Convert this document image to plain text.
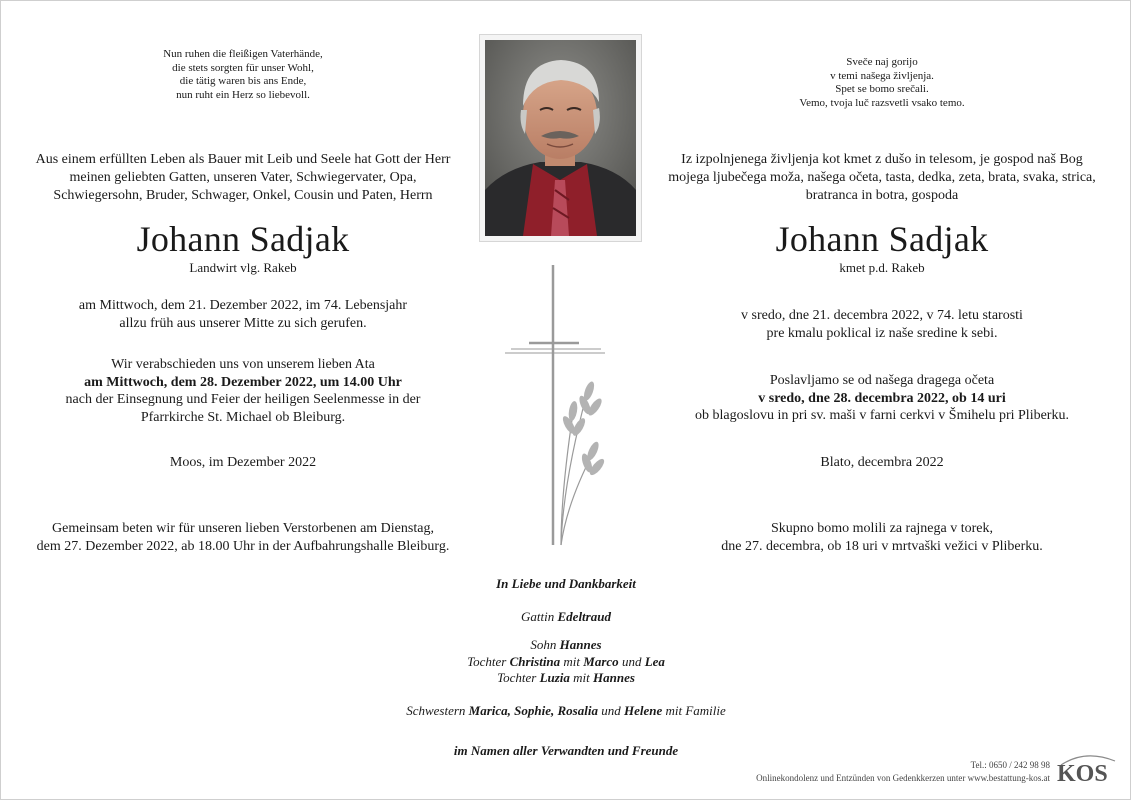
Nun ruhen die fleißigen Vaterhände,
die stets sorgten für unser Wohl,
die tätig waren bis ans Ende,
nun ruht ein Herz so liebevoll.
Aus einem erfüllten Leben als Bauer mit Leib und Seele hat Gott der Herr
meinen geliebten Gatten, unseren Vater, Schwiegervater, Opa,
Schwiegersohn, Bruder, Schwager, Onkel, Cousin und Paten, Herrn
Johann Sadjak
Landwirt vlg. Rakeb
am Mittwoch, dem 21. Dezember 2022, im 74. Lebensjahr
allzu früh aus unserer Mitte zu sich gerufen.
Wir verabschieden uns von unserem lieben Ata
am Mittwoch, dem 28. Dezember 2022, um 14.00 Uhr
nach der Einsegnung und Feier der heiligen Seelenmesse in der
Pfarrkirche St. Michael ob Bleiburg.
Moos, im Dezember 2022
Gemeinsam beten wir für unseren lieben Verstorbenen am Dienstag,
dem 27. Dezember 2022, ab 18.00 Uhr in der Aufbahrungshalle Bleiburg.
Sveče naj gorijo
v temi našega življenja.
Spet se bomo srečali.
Vemo, tvoja luč razsvetli vsako temo.
Iz izpolnjenega življenja kot kmet z dušo in telesom, je gospod naš Bog
mojega ljubečega moža, našega očeta, tasta, dedka, zeta, brata, svaka, strica,
bratranca in botra, gospoda
Johann Sadjak
kmet p.d. Rakeb
v sredo, dne 21. decembra 2022, v 74. letu starosti
pre kmalu poklical iz naše sredine k sebi.
Poslavljamo se od našega dragega očeta
v sredo, dne 28. decembra 2022, ob 14 uri
ob blagoslovu in pri sv. maši v farni cerkvi v Šmihelu pri Pliberku.
Blato, decembra 2022
Skupno bomo molili za rajnega v torek,
dne 27. decembra, ob 18 uri v mrtvaški vežici v Pliberku.
In Liebe und Dankbarkeit
Gattin Edeltraud
Sohn Hannes
Tochter Christina mit Marco und Lea
Tochter Luzia mit Hannes
Schwestern Marica, Sophie, Rosalia und Helene mit Familie
im Namen aller Verwandten und Freunde
Tel.: 0650 / 242 98 98
Onlinekondolenz und Entzünden von Gedenkkerzen unter www.bestattung-kos.at KOS
